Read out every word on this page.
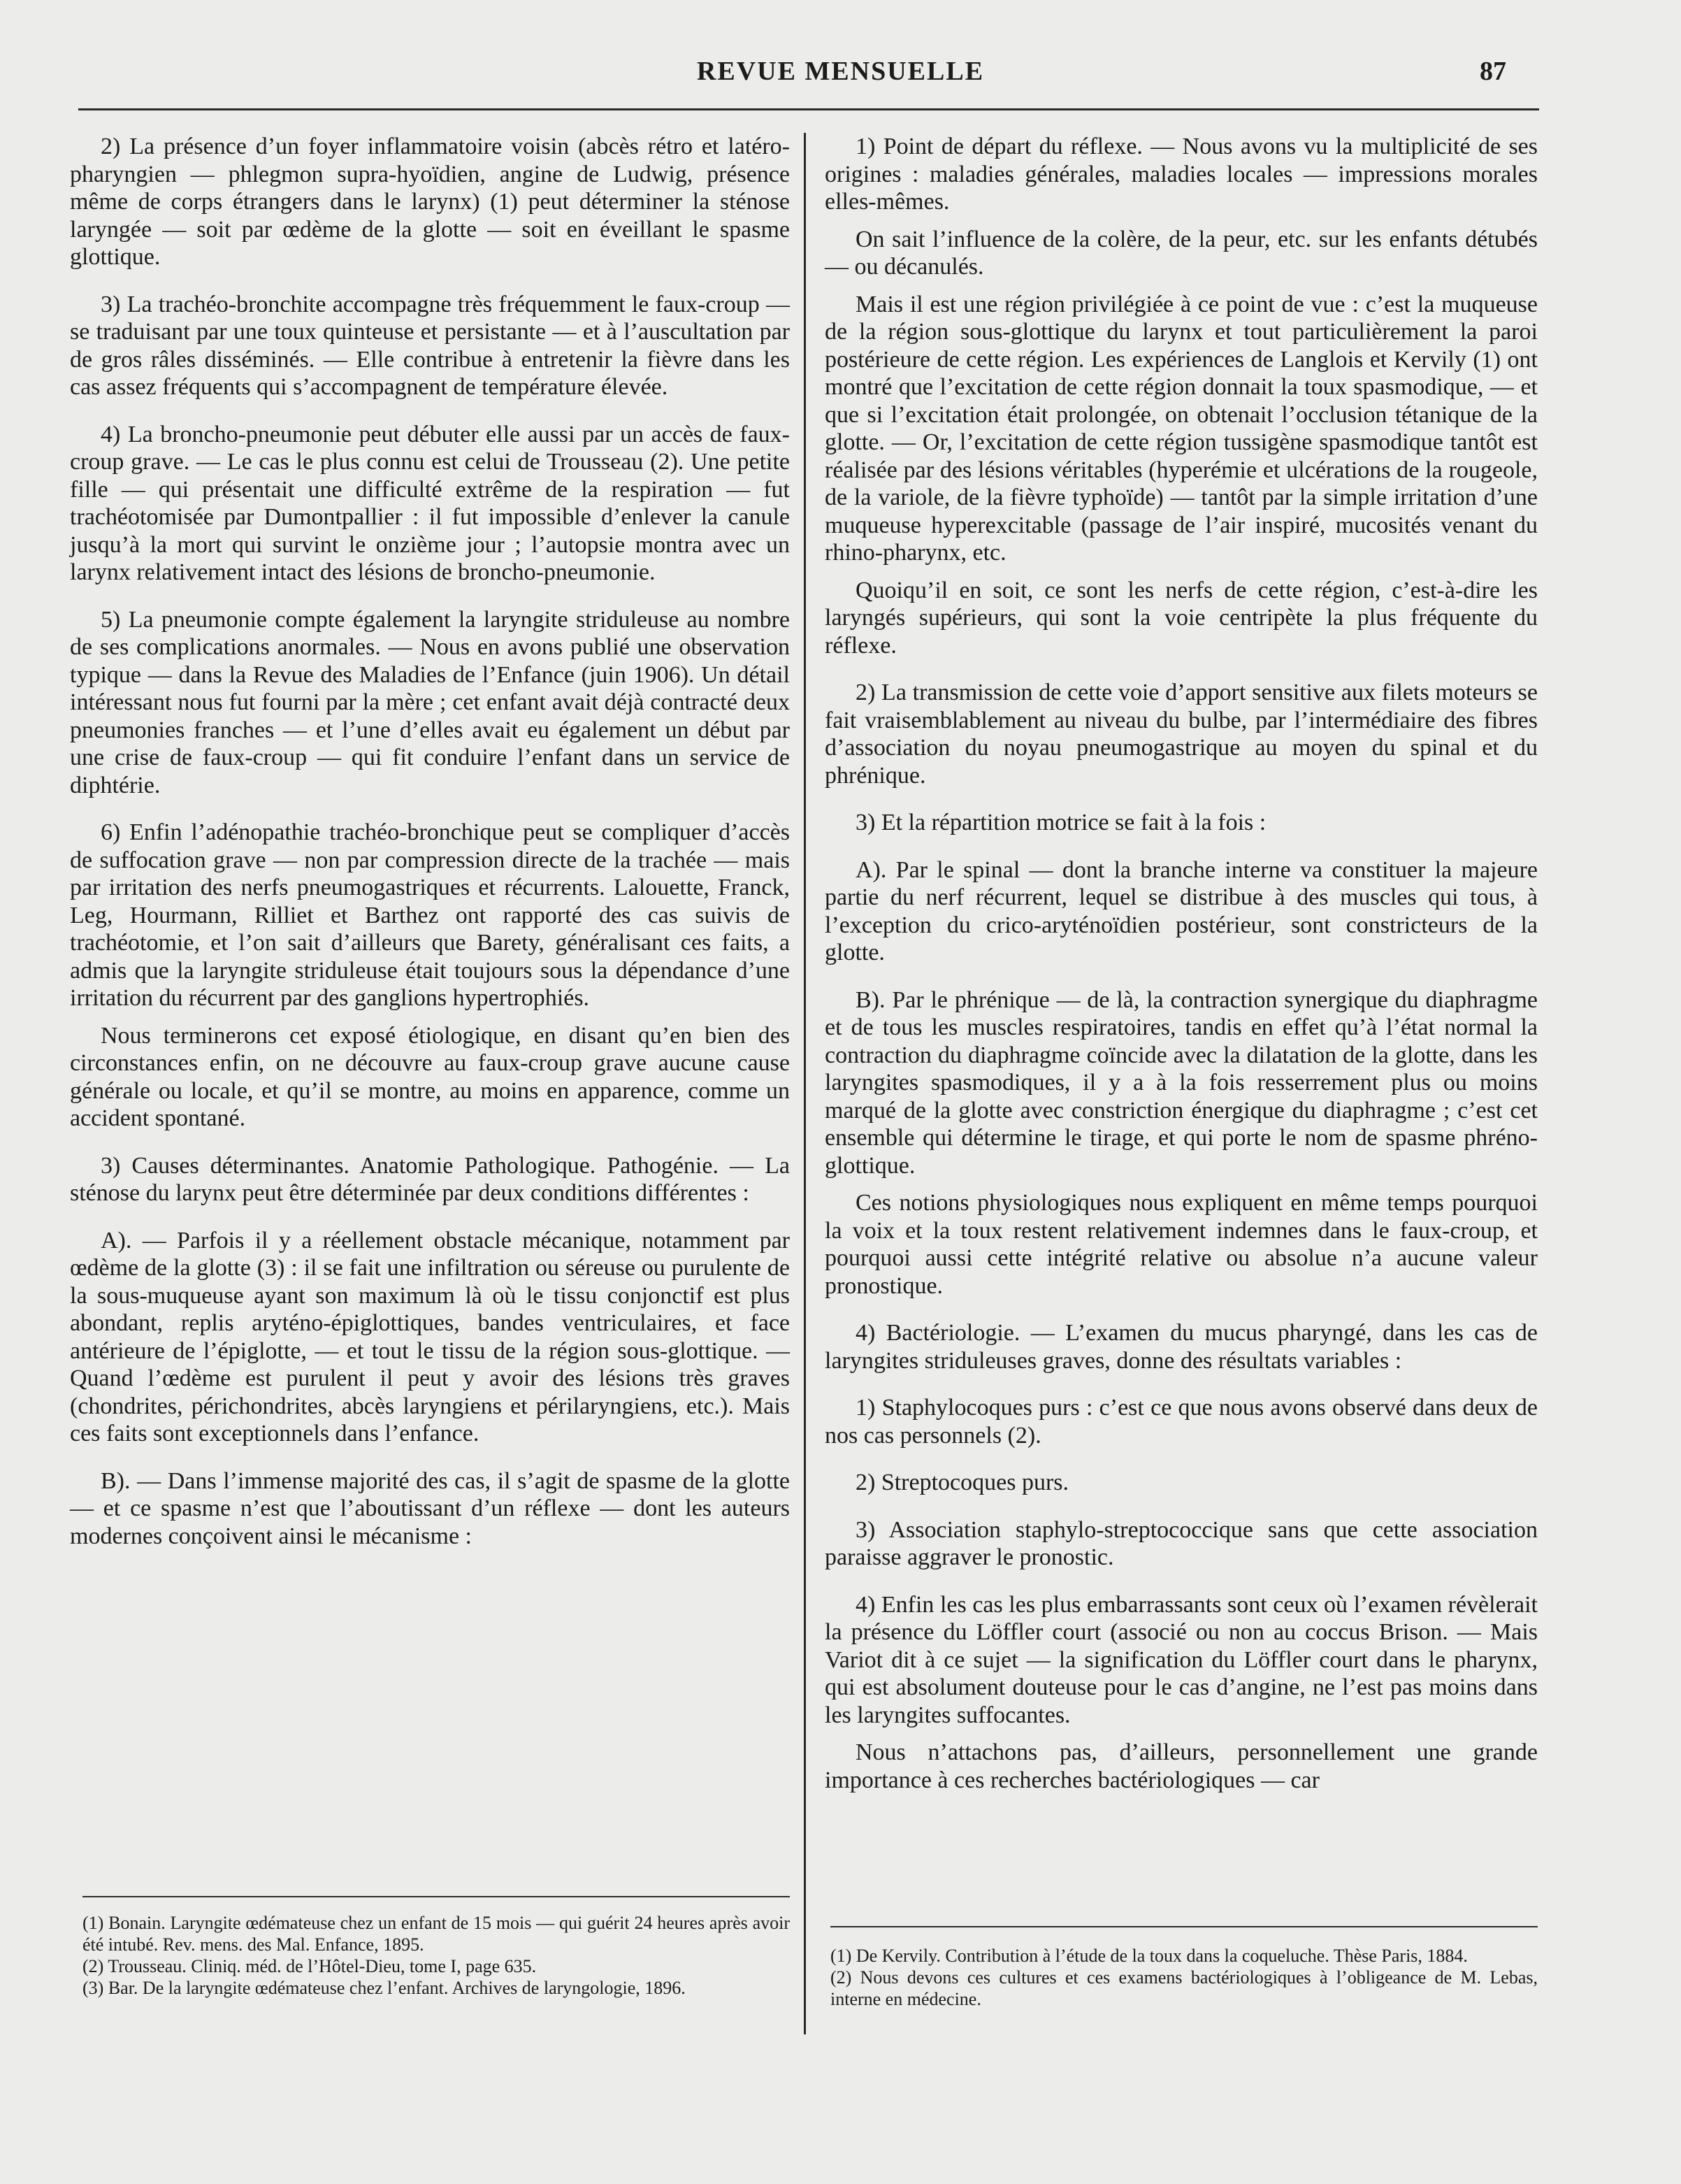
REVUE MENSUELLE	87

2) La présence d’un foyer inflammatoire voisin (abcès rétro et latéro-pharyngien — phlegmon supra-hyoïdien, angine de Ludwig, présence même de corps étrangers dans le larynx) (1) peut déterminer la sténose laryngée — soit par œdème de la glotte — soit en éveillant le spasme glottique.

3) La trachéo-bronchite accompagne très fréquemment le faux-croup — se traduisant par une toux quinteuse et persistante — et à l’auscultation par de gros râles disséminés. — Elle contribue à entretenir la fièvre dans les cas assez fréquents qui s’accompagnent de température élevée.

4) La broncho-pneumonie peut débuter elle aussi par un accès de faux-croup grave. — Le cas le plus connu est celui de Trousseau (2). Une petite fille — qui présentait une difficulté extrême de la respiration — fut trachéotomisée par Dumontpallier : il fut impossible d’enlever la canule jusqu’à la mort qui survint le onzième jour ; l’autopsie montra avec un larynx relativement intact des lésions de broncho-pneumonie.

5) La pneumonie compte également la laryngite striduleuse au nombre de ses complications anormales. — Nous en avons publié une observation typique — dans la Revue des Maladies de l’Enfance (juin 1906). Un détail intéressant nous fut fourni par la mère ; cet enfant avait déjà contracté deux pneumonies franches — et l’une d’elles avait eu également un début par une crise de faux-croup — qui fit conduire l’enfant dans un service de diphtérie.

6) Enfin l’adénopathie trachéo-bronchique peut se compliquer d’accès de suffocation grave — non par compression directe de la trachée — mais par irritation des nerfs pneumogastriques et récurrents. Lalouette, Franck, Leg, Hourmann, Rilliet et Barthez ont rapporté des cas suivis de trachéotomie, et l’on sait d’ailleurs que Barety, généralisant ces faits, a admis que la laryngite striduleuse était toujours sous la dépendance d’une irritation du récurrent par des ganglions hypertrophiés.

Nous terminerons cet exposé étiologique, en disant qu’en bien des circonstances enfin, on ne découvre au faux-croup grave aucune cause générale ou locale, et qu’il se montre, au moins en apparence, comme un accident spontané.

3) Causes déterminantes. Anatomie Pathologique. Pathogénie. — La sténose du larynx peut être déterminée par deux conditions différentes :

A). — Parfois il y a réellement obstacle mécanique, notamment par œdème de la glotte (3) : il se fait une infiltration ou séreuse ou purulente de la sous-muqueuse ayant son maximum là où le tissu conjonctif est plus abondant, replis aryténo-épiglottiques, bandes ventriculaires, et face antérieure de l’épiglotte, — et tout le tissu de la région sous-glottique. — Quand l’œdème est purulent il peut y avoir des lésions très graves (chondrites, périchondrites, abcès laryngiens et périlaryngiens, etc.). Mais ces faits sont exceptionnels dans l’enfance.

B). — Dans l’immense majorité des cas, il s’agit de spasme de la glotte — et ce spasme n’est que l’aboutissant d’un réflexe — dont les auteurs modernes conçoivent ainsi le mécanisme :

1) Point de départ du réflexe. — Nous avons vu la multiplicité de ses origines : maladies générales, maladies locales — impressions morales elles-mêmes.

On sait l’influence de la colère, de la peur, etc. sur les enfants détubés — ou décanulés.

Mais il est une région privilégiée à ce point de vue : c’est la muqueuse de la région sous-glottique du larynx et tout particulièrement la paroi postérieure de cette région. Les expériences de Langlois et Kervily (1) ont montré que l’excitation de cette région donnait la toux spasmodique, — et que si l’excitation était prolongée, on obtenait l’occlusion tétanique de la glotte. — Or, l’excitation de cette région tussigène spasmodique tantôt est réalisée par des lésions véritables (hyperémie et ulcérations de la rougeole, de la variole, de la fièvre typhoïde) — tantôt par la simple irritation d’une muqueuse hyperexcitable (passage de l’air inspiré, mucosités venant du rhino-pharynx, etc.

Quoiqu’il en soit, ce sont les nerfs de cette région, c’est-à-dire les laryngés supérieurs, qui sont la voie centripète la plus fréquente du réflexe.

2) La transmission de cette voie d’apport sensitive aux filets moteurs se fait vraisemblablement au niveau du bulbe, par l’intermédiaire des fibres d’association du noyau pneumogastrique au moyen du spinal et du phrénique.

3) Et la répartition motrice se fait à la fois :

A). Par le spinal — dont la branche interne va constituer la majeure partie du nerf récurrent, lequel se distribue à des muscles qui tous, à l’exception du crico-aryténoïdien postérieur, sont constricteurs de la glotte.

B). Par le phrénique — de là, la contraction synergique du diaphragme et de tous les muscles respiratoires, tandis en effet qu’à l’état normal la contraction du diaphragme coïncide avec la dilatation de la glotte, dans les laryngites spasmodiques, il y a à la fois resserrement plus ou moins marqué de la glotte avec constriction énergique du diaphragme ; c’est cet ensemble qui détermine le tirage, et qui porte le nom de spasme phréno-glottique.

Ces notions physiologiques nous expliquent en même temps pourquoi la voix et la toux restent relativement indemnes dans le faux-croup, et pourquoi aussi cette intégrité relative ou absolue n’a aucune valeur pronostique.

4) Bactériologie. — L’examen du mucus pharyngé, dans les cas de laryngites striduleuses graves, donne des résultats variables :

1) Staphylocoques purs : c’est ce que nous avons observé dans deux de nos cas personnels (2).

2) Streptocoques purs.

3) Association staphylo-streptococcique sans que cette association paraisse aggraver le pronostic.

4) Enfin les cas les plus embarrassants sont ceux où l’examen révèlerait la présence du Löffler court (associé ou non au coccus Brison. — Mais Variot dit à ce sujet — la signification du Löffler court dans le pharynx, qui est absolument douteuse pour le cas d’angine, ne l’est pas moins dans les laryngites suffocantes.

Nous n’attachons pas, d’ailleurs, personnellement une grande importance à ces recherches bactériologiques — car

(1) Bonain. Laryngite œdémateuse chez un enfant de 15 mois — qui guérit 24 heures après avoir été intubé. Rev. mens. des Mal. Enfance, 1895.

(2) Trousseau. Cliniq. méd. de l’Hôtel-Dieu, tome I, page 635.

(3) Bar. De la laryngite œdémateuse chez l’enfant. Archives de laryngologie, 1896.

(1) De Kervily. Contribution à l’étude de la toux dans la coqueluche. Thèse Paris, 1884.

(2) Nous devons ces cultures et ces examens bactériologiques à l’obligeance de M. Lebas, interne en médecine.
